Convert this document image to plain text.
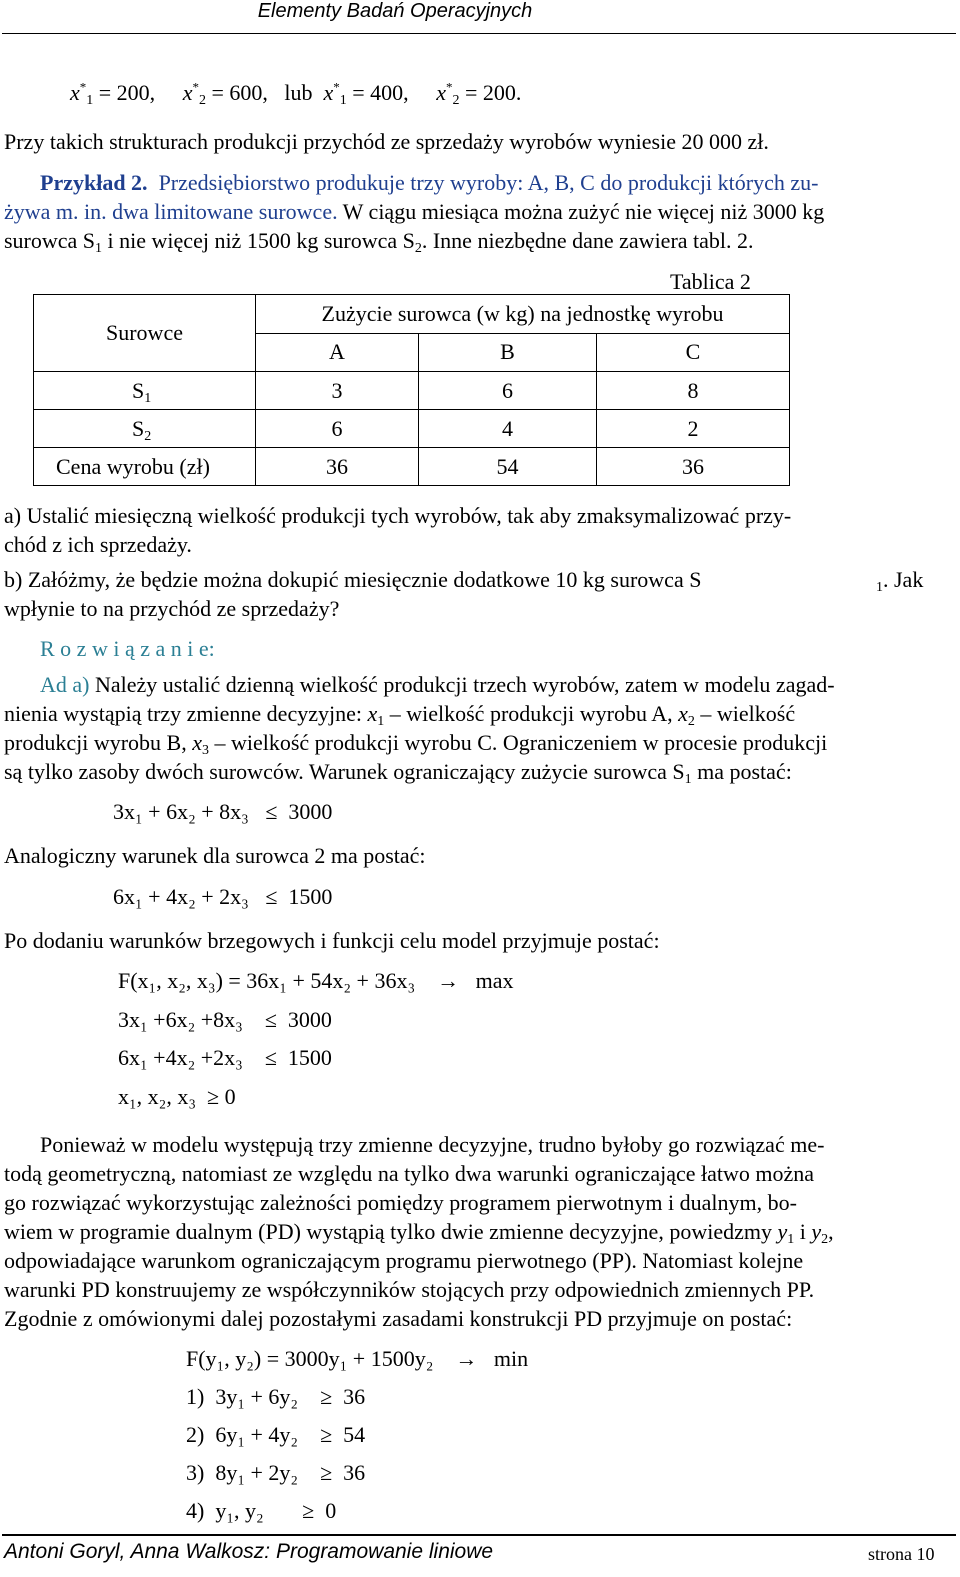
Elementy Badań Operacyjnych
$x^*_1 = 200$, $x^*_2 = 600$, lub $x^*_1 = 400$, $x^*_2 = 200$.
Przy takich strukturach produkcji przychód ze sprzedaży wyrobów wyniesie 20 000 zł.
Przykład 2. Przedsiębiorstwo produkuje trzy wyroby: A, B, C do produkcji których zu-
żywa m. in. dwa limitowane surowce. W ciągu miesiąca można zużyć nie więcej niż 3000 kg
surowca $S_1$ i nie więcej niż 1500 kg surowca $S_2$. Inne niezbędne dane zawiera tabl. 2.
Tablica 2
Surowce	Zużycie surowca (w kg) na jednostkę wyrobu		
	A	B	C
$S_1$	3	6	8
$S_2$	6	4	2
Cena wyrobu (zł)	36	54	36
a) Ustalić miesięczną wielkość produkcji tych wyrobów, tak aby zmaksymalizować przy-
chód z ich sprzedaży.
b) Załóżmy, że będzie można dokupić miesięcznie dodatkowe 10 kg surowca S
wpłynie to na przychód ze sprzedaży?
$_1$. Jak
R o z w i ą z a n i e:
Ad a) Należy ustalić dzienną wielkość produkcji trzech wyrobów, zatem w modelu zagad-
nienia wystąpią trzy zmienne decyzyjne: $x_1$ – wielkość produkcji wyrobu A, $x_2$ – wielkość
produkcji wyrobu B, $x_3$ – wielkość produkcji wyrobu C. Ograniczeniem w procesie produkcji
są tylko zasoby dwóch surowców. Warunek ograniczający zużycie surowca $S_1$ ma postać:
3x₁ + 6x₂ + 8x₃ ≤ 3000
Analogiczny warunek dla surowca 2 ma postać:
6x₁ + 4x₂ + 2x₃ ≤ 1500
Po dodaniu warunków brzegowych i funkcji celu model przyjmuje postać:
F(x₁, x₂, x₃) = 36x₁ + 54x₂ + 36x₃ → max
3x₁ +6x₂ +8x₃ ≤ 3000
6x₁ +4x₂ +2x₃ ≤ 1500
x₁, x₂, x₃ ≥ 0
Ponieważ w modelu występują trzy zmienne decyzyjne, trudno byłoby go rozwiązać me-
todą geometryczną, natomiast ze względu na tylko dwa warunki ograniczające łatwo można
go rozwiązać wykorzystując zależności pomiędzy programem pierwotnym i dualnym, bo-
wiem w programie dualnym (PD) wystąpią tylko dwie zmienne decyzyjne, powiedzmy $y_1$ i $y_2$,
odpowiadające warunkom ograniczającym programu pierwotnego (PP). Natomiast kolejne
warunki PD konstruujemy ze współczynników stojących przy odpowiednich zmiennych PP.
Zgodnie z omówionymi dalej pozostałymi zasadami konstrukcji PD przyjmuje on postać:
F(y₁, y₂) = 3000y₁ + 1500y₂ → min
1) 3y₁ + 6y₂ ≥ 36
2) 6y₁ + 4y₂ ≥ 54
3) 8y₁ + 2y₂ ≥ 36
4) y₁, y₂ ≥ 0
Antoni Goryl, Anna Walkosz: Programowanie liniowe	strona 10
